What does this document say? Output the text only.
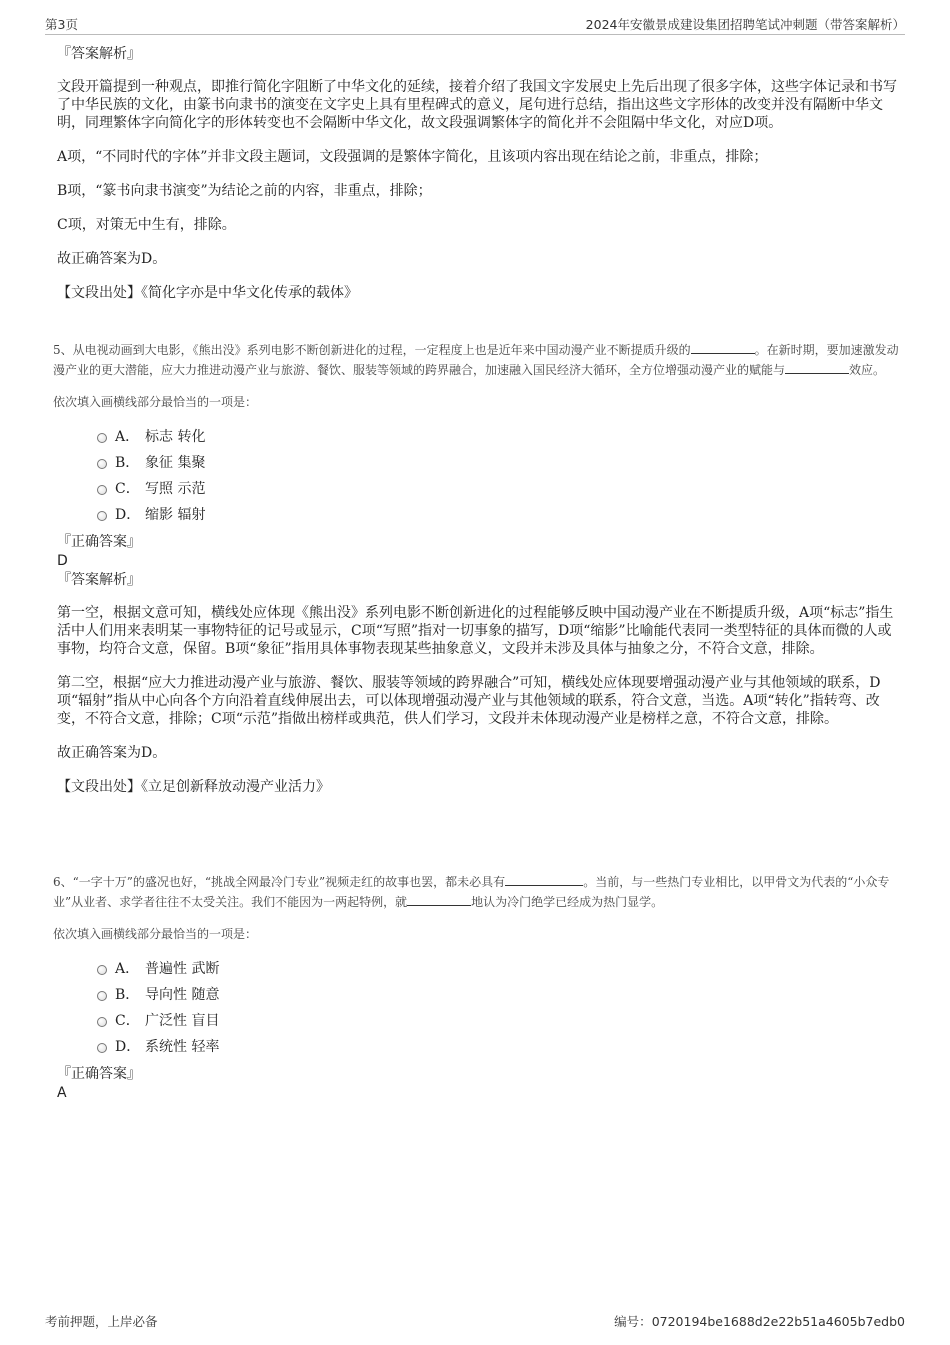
第3页	2024年安徽景成建设集团招聘笔试冲刺题（带答案解析）
『答案解析』

文段开篇提到一种观点，即推行简化字阻断了中华文化的延续，接着介绍了我国文字发展史上先后出现了很多字体，这些字体记录和书写了中华民族的文化，由篆书向隶书的演变在文字史上具有里程碑式的意义，尾句进行总结，指出这些文字形体的改变并没有隔断中华文明，同理繁体字向简化字的形体转变也不会隔断中华文化，故文段强调繁体字的简化并不会阻隔中华文化，对应D项。

A项，“不同时代的字体”并非文段主题词，文段强调的是繁体字简化，且该项内容出现在结论之前，非重点，排除；

B项，“篆书向隶书演变”为结论之前的内容，非重点，排除；

C项，对策无中生有，排除。

故正确答案为D。

【文段出处】《简化字亦是中华文化传承的载体》

5、从电视动画到大电影，《熊出没》系列电影不断创新进化的过程，一定程度上也是近年来中国动漫产业不断提质升级的	。在新时期，要加速激发动漫产业的更大潜能，应大力推进动漫产业与旅游、餐饮、服装等领域的跨界融合，加速融入国民经济大循环，全方位增强动漫产业的赋能与	效应。
依次填入画横线部分最恰当的一项是：
A． 标志 转化
B． 象征 集聚
C． 写照 示范
D． 缩影 辐射
『正确答案』
D
『答案解析』

第一空，根据文意可知，横线处应体现《熊出没》系列电影不断创新进化的过程能够反映中国动漫产业在不断提质升级，A项“标志”指生活中人们用来表明某一事物特征的记号或显示，C项“写照”指对一切事象的描写，D项“缩影”比喻能代表同一类型特征的具体而微的人或事物，均符合文意，保留。B项“象征”指用具体事物表现某些抽象意义，文段并未涉及具体与抽象之分，不符合文意，排除。

第二空，根据“应大力推进动漫产业与旅游、餐饮、服装等领域的跨界融合”可知，横线处应体现要增强动漫产业与其他领域的联系，D项“辐射”指从中心向各个方向沿着直线伸展出去，可以体现增强动漫产业与其他领域的联系，符合文意，当选。A项“转化”指转弯、改变，不符合文意，排除；C项“示范”指做出榜样或典范，供人们学习，文段并未体现动漫产业是榜样之意，不符合文意，排除。

故正确答案为D。

【文段出处】《立足创新释放动漫产业活力》

6、“一字十万”的盛况也好，“挑战全网最冷门专业”视频走红的故事也罢，都未必具有	。当前，与一些热门专业相比，以甲骨文为代表的“小众专业”从业者、求学者往往不太受关注。我们不能因为一两起特例，就	地认为冷门绝学已经成为热门显学。
依次填入画横线部分最恰当的一项是：
A． 普遍性 武断
B． 导向性 随意
C． 广泛性 盲目
D． 系统性 轻率
『正确答案』
A
考前押题，上岸必备	编号：0720194be1688d2e22b51a4605b7edb0
